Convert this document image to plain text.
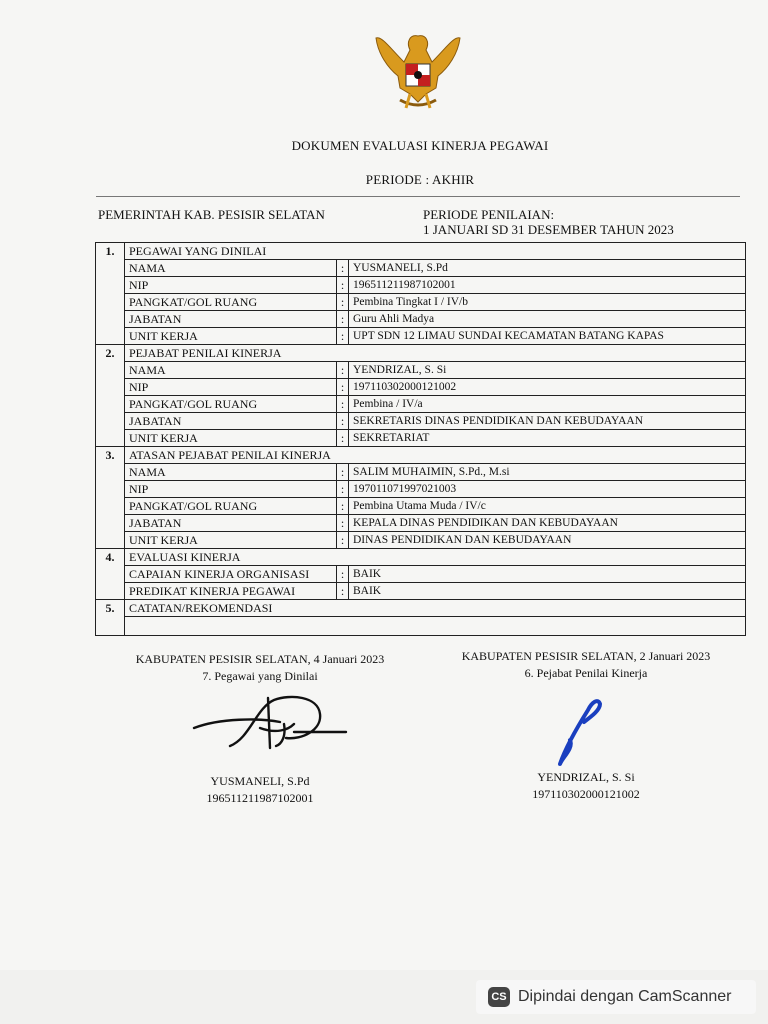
DOKUMEN EVALUASI KINERJA PEGAWAI
PERIODE : AKHIR
PEMERINTAH KAB. PESISIR SELATAN	PERIODE PENILAIAN:
1 JANUARI SD 31 DESEMBER TAHUN 2023
1.	PEGAWAI YANG DINILAI		
	NAMA	:	YUSMANELI, S.Pd
	NIP	:	196511211987102001
	PANGKAT/GOL RUANG	:	Pembina Tingkat I / IV/b
	JABATAN	:	Guru Ahli Madya
	UNIT KERJA	:	UPT SDN 12 LIMAU SUNDAI KECAMATAN BATANG KAPAS
2.	PEJABAT PENILAI KINERJA		
	NAMA	:	YENDRIZAL, S. Si
	NIP	:	197110302000121002
	PANGKAT/GOL RUANG	:	Pembina / IV/a
	JABATAN	:	SEKRETARIS DINAS PENDIDIKAN DAN KEBUDAYAAN
	UNIT KERJA	:	SEKRETARIAT
3.	ATASAN PEJABAT PENILAI KINERJA		
	NAMA	:	SALIM MUHAIMIN, S.Pd., M.si
	NIP	:	197011071997021003
	PANGKAT/GOL RUANG	:	Pembina Utama Muda / IV/c
	JABATAN	:	KEPALA DINAS PENDIDIKAN DAN KEBUDAYAAN
	UNIT KERJA	:	DINAS PENDIDIKAN DAN KEBUDAYAAN
4.	EVALUASI KINERJA		
	CAPAIAN KINERJA ORGANISASI	:	BAIK
	PREDIKAT KINERJA PEGAWAI	:	BAIK
5.	CATATAN/REKOMENDASI		

KABUPATEN PESISIR SELATAN, 4 Januari 2023
7. Pegawai yang Dinilai
YUSMANELI, S.Pd
196511211987102001
KABUPATEN PESISIR SELATAN, 2 Januari 2023
6. Pejabat Penilai Kinerja
YENDRIZAL, S. Si
197110302000121002
CS Dipindai dengan CamScanner
